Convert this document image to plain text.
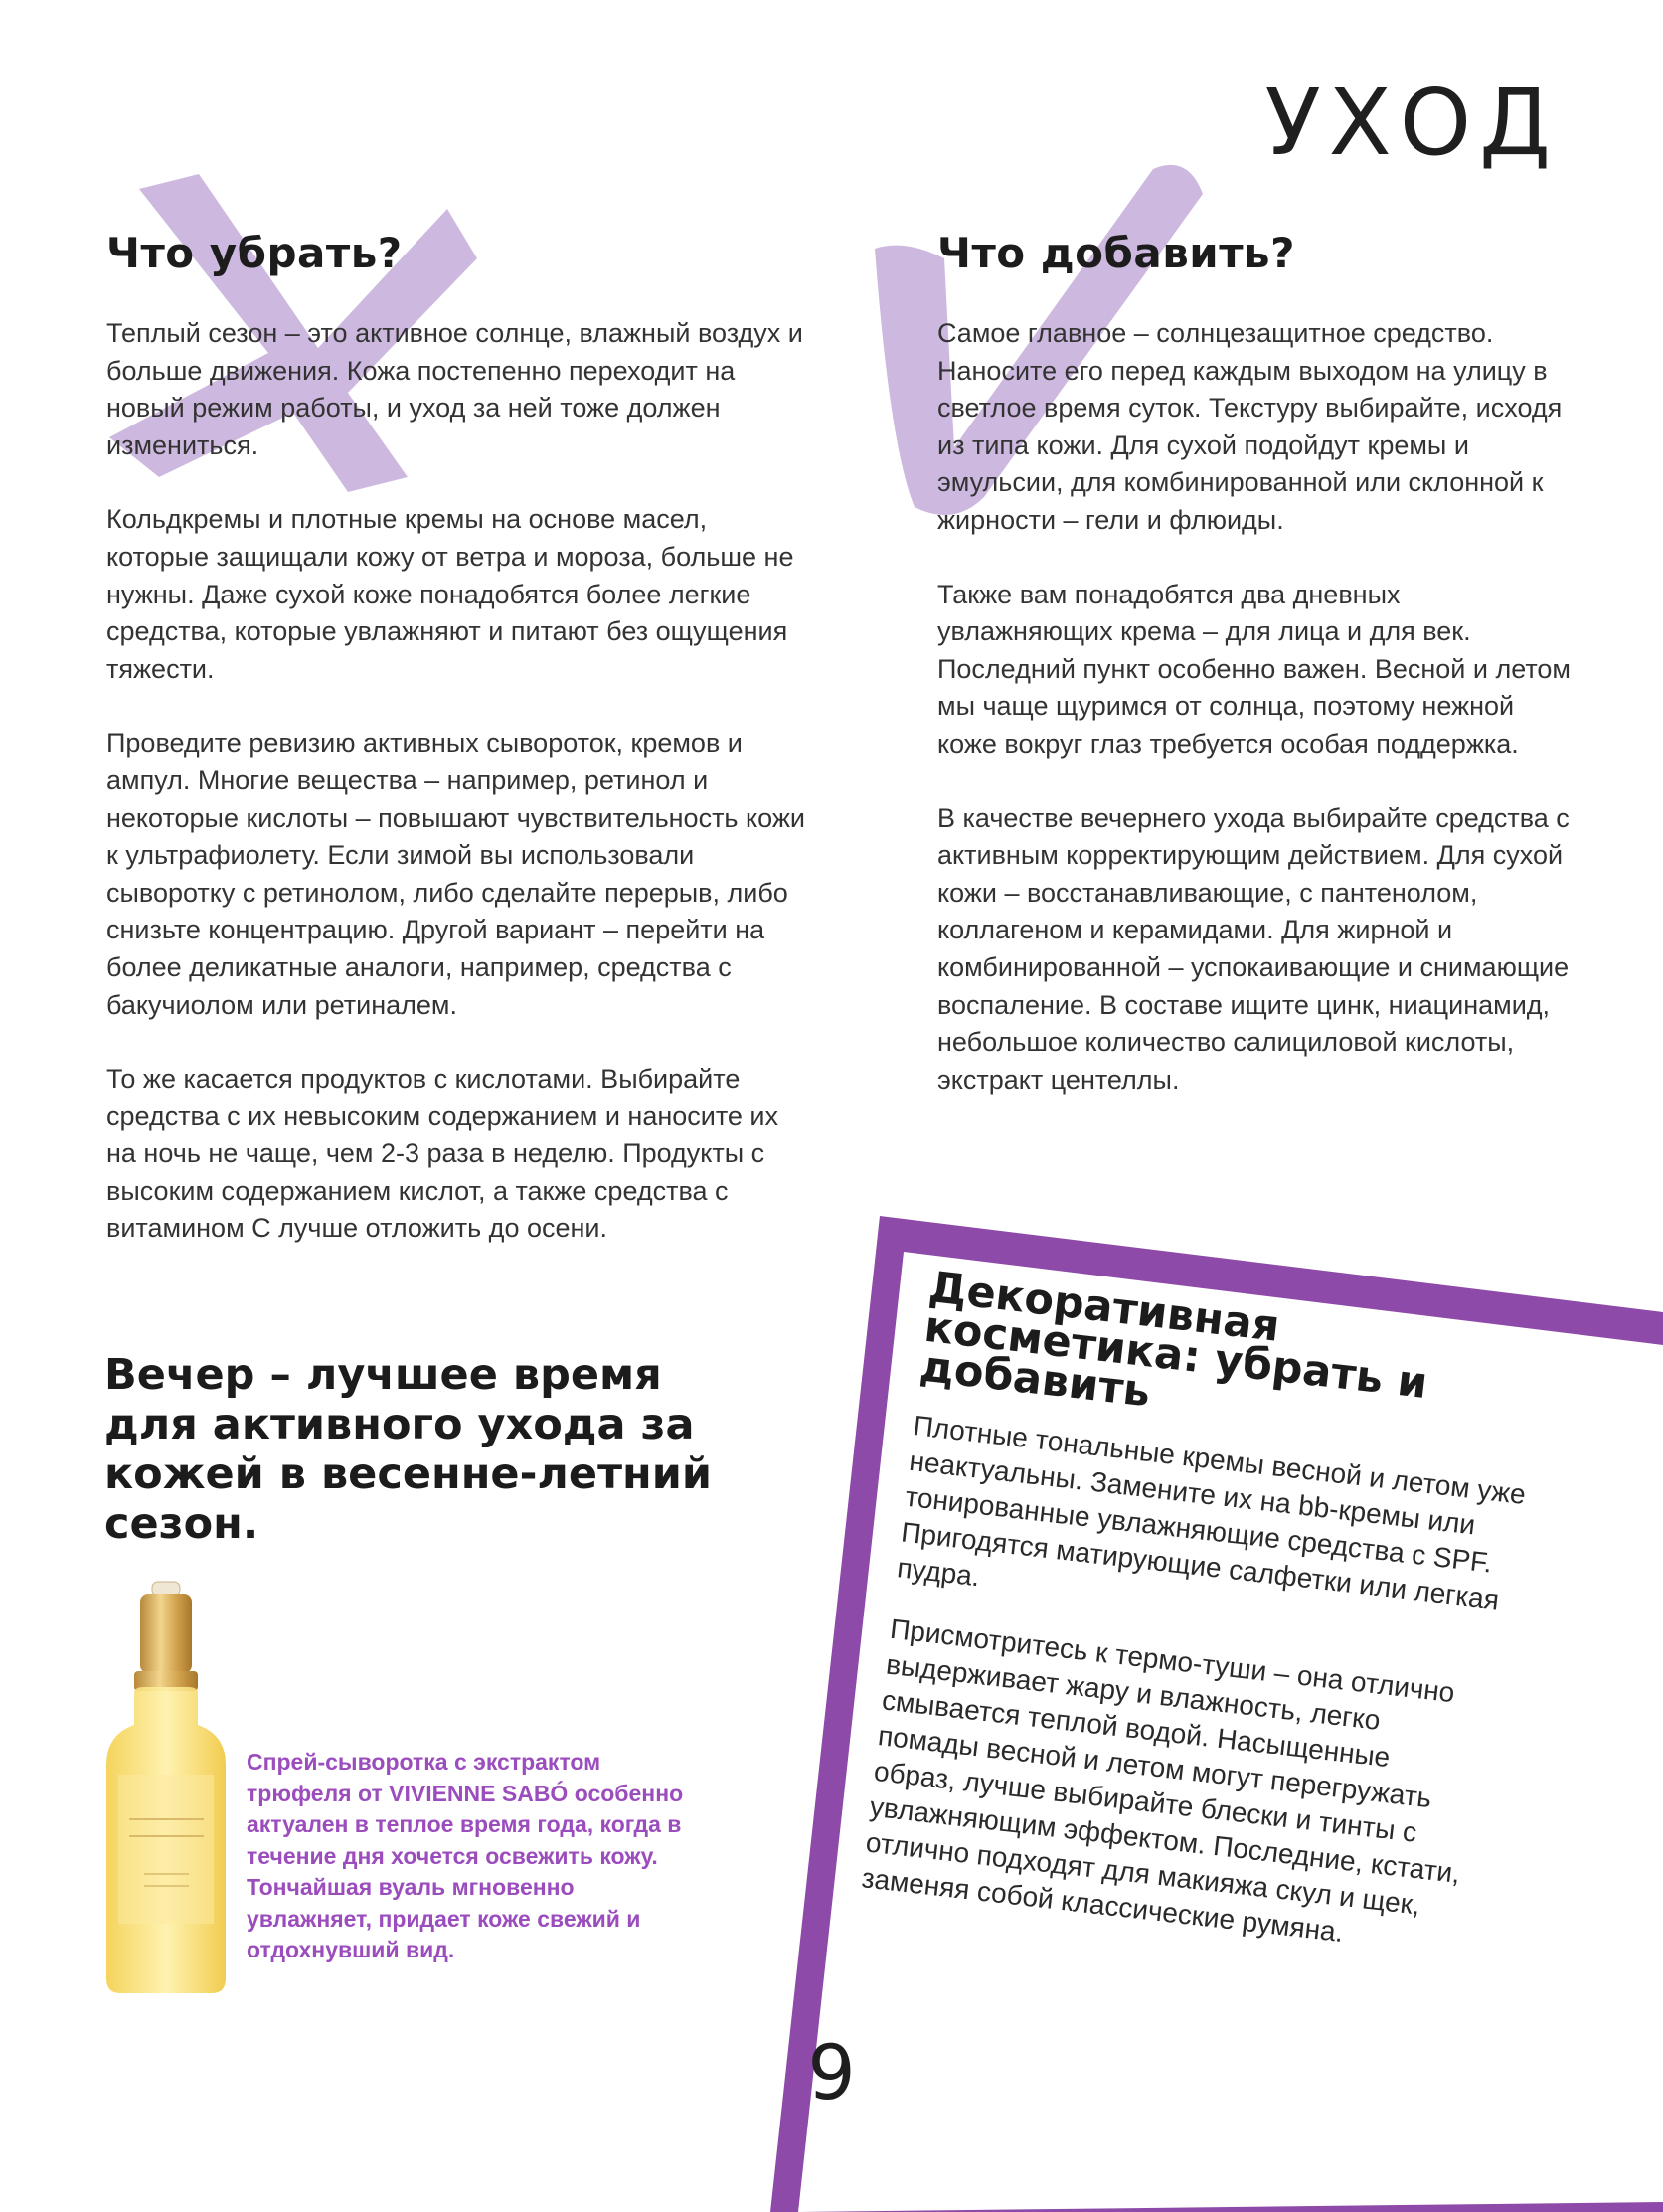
УХОД
Что убрать?

Теплый сезон – это активное солнце, влажный воздух и больше движения. Кожа постепенно переходит на новый режим работы, и уход за ней тоже должен измениться.

Кольдкремы и плотные кремы на основе масел, которые защищали кожу от ветра и мороза, больше не нужны. Даже сухой коже понадобятся более легкие средства, которые увлажняют и питают без ощущения тяжести.

Проведите ревизию активных сывороток, кремов и ампул. Многие вещества – например, ретинол и некоторые кислоты – повышают чувствительность кожи к ультрафиолету. Если зимой вы использовали сыворотку с ретинолом, либо сделайте перерыв, либо снизьте концентрацию. Другой вариант – перейти на более деликатные аналоги, например, средства с бакучиолом или ретиналем.

То же касается продуктов с кислотами. Выбирайте средства с их невысоким содержанием и наносите их на ночь не чаще, чем 2-3 раза в неделю. Продукты с высоким содержанием кислот, а также средства с витамином С лучше отложить до осени.

Что добавить?

Самое главное – солнцезащитное средство. Наносите его перед каждым выходом на улицу в светлое время суток. Текстуру выбирайте, исходя из типа кожи. Для сухой подойдут кремы и эмульсии, для комбинированной или склонной к жирности – гели и флюиды.

Также вам понадобятся два дневных увлажняющих крема – для лица и для век. Последний пункт особенно важен. Весной и летом мы чаще щуримся от солнца, поэтому нежной коже вокруг глаз требуется особая поддержка.

В качестве вечернего ухода выбирайте средства с активным корректирующим действием. Для сухой кожи – восстанавливающие, с пантенолом, коллагеном и керамидами. Для жирной и комбинированной – успокаивающие и снимающие воспаление. В составе ищите цинк, ниацинамид, небольшое количество салициловой кислоты, экстракт центеллы.

Вечер – лучшее время для активного ухода за кожей в весенне-летний сезон.
Спрей-сыворотка с экстрактом трюфеля от VIVIENNE SABÓ особенно актуален в теплое время года, когда в течение дня хочется освежить кожу. Тончайшая вуаль мгновенно увлажняет, придает коже свежий и отдохнувший вид.
Декоративная косметика: убрать и добавить

Плотные тональные кремы весной и летом уже неактуальны. Замените их на bb-кремы или тонированные увлажняющие средства с SPF. Пригодятся матирующие салфетки или легкая пудра.

Присмотритесь к термо-туши – она отлично выдерживает жару и влажность, легко смывается теплой водой. Насыщенные помады весной и летом могут перегружать образ, лучше выбирайте блески и тинты с увлажняющим эффектом. Последние, кстати, отлично подходят для макияжа скул и щек, заменяя собой классические румяна.

9
